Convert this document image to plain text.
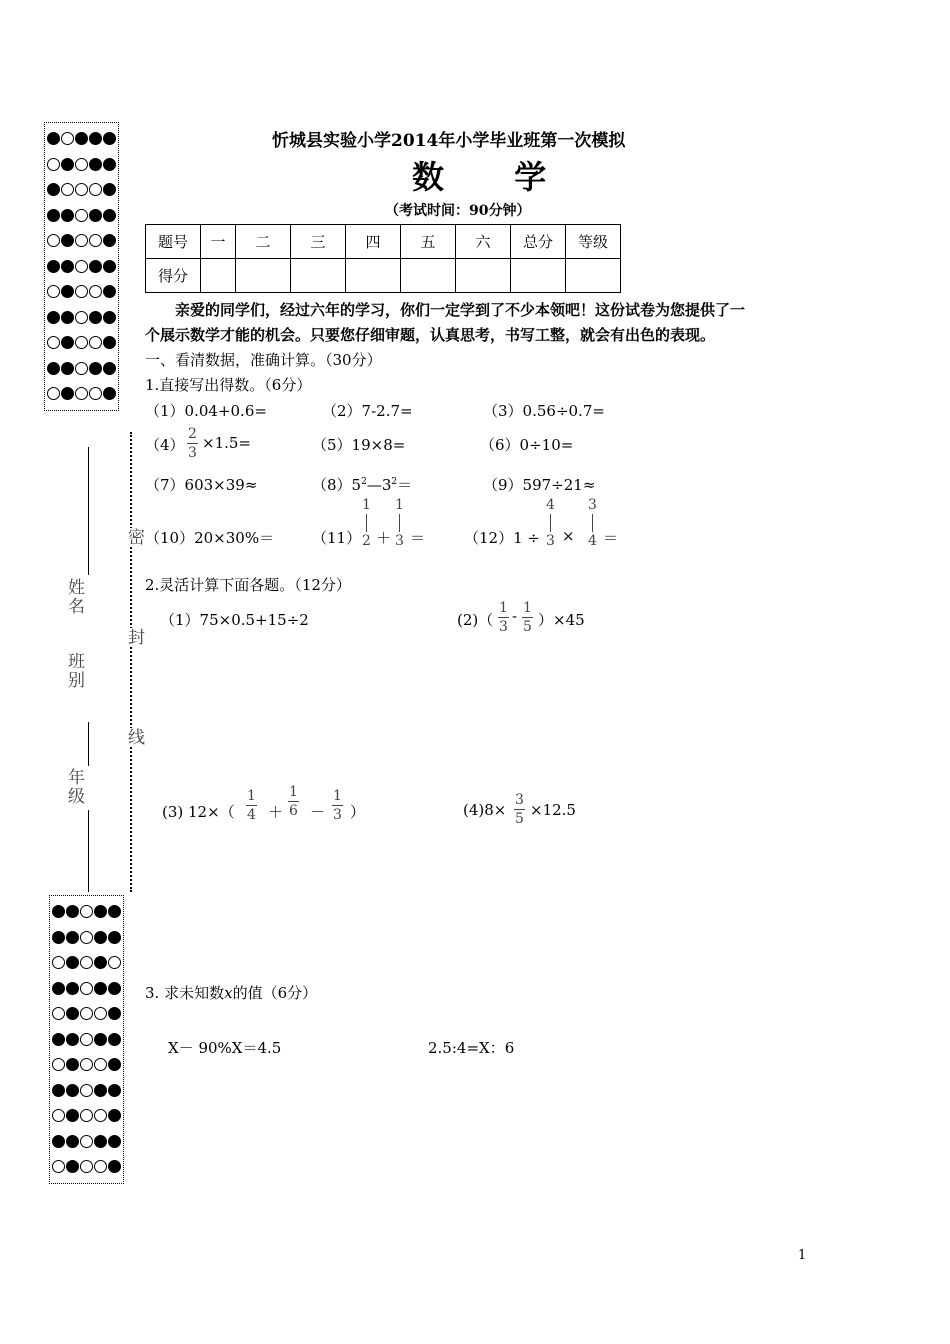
姓名
班别
年级
密
封
线
忻城县实验小学2014年小学毕业班第一次模拟
数  学
（考试时间：90分钟）
题号	一	二	三	四	五	六	总分	等级
得分								
亲爱的同学们，经过六年的学习，你们一定学到了不少本领吧！这份试卷为您提供了一
个展示数学才能的机会。只要您仔细审题，认真思考，书写工整，就会有出色的表现。
一、看清数据，准确计算。（30分）
1.直接写出得数。（6分）
（1）0.04+0.6=	（2）7-2.7=	（3）0.56÷0.7=
（4）
2
3
×1.5=	（5）19×8=	（6）0÷10=
（7）603×39≈	$(8)5^2—3^2=$	（9）597÷21≈
（10）20×30%＝	（11）
1
2 ＋
1
3 ＝	（12）1 ÷
4
3 ×
3
4 ＝
2.灵活计算下面各题。（12分）
（1）75×0.5+15÷2	(2)（
1
3
- 1
5 ）×45
(3) 12×（
1
4 ＋
1
6 －
1
3 ）	(4)8×
3
5 ×12.5
3. 求未知数x的值（6分）
X－ 90%X＝4.5	2.5:4=X：6
1
